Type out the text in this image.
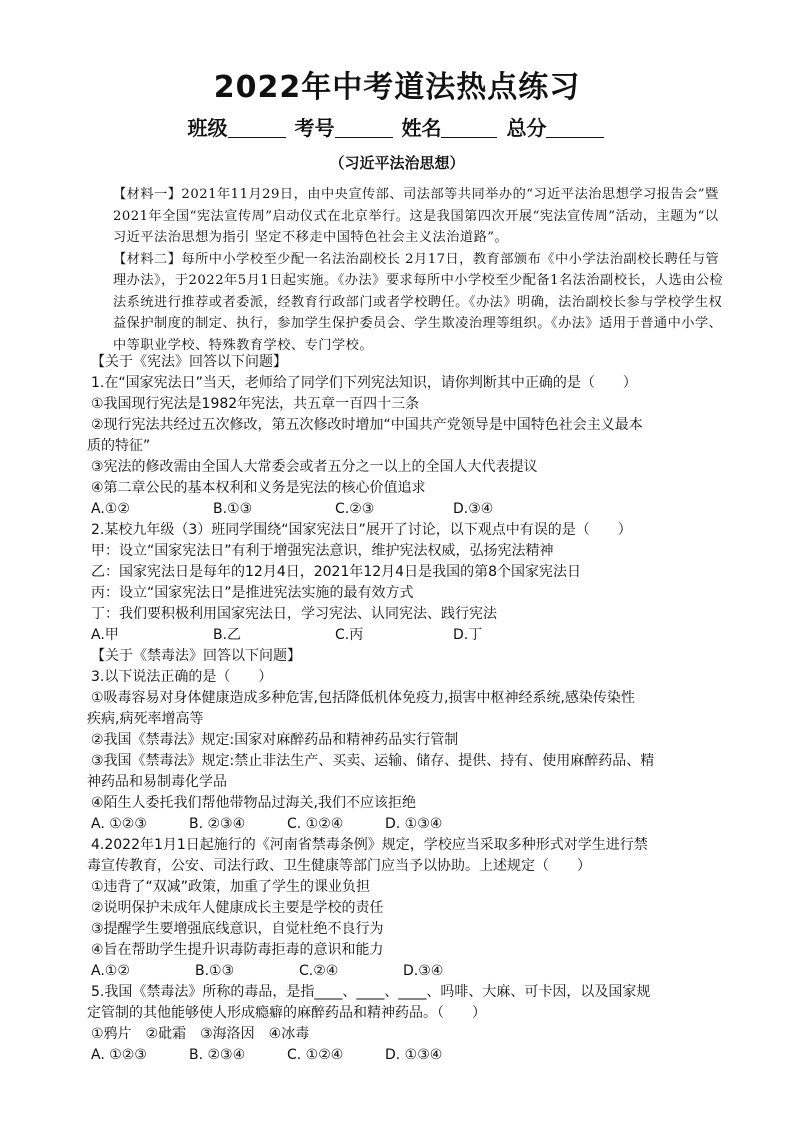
2022年中考道法热点练习
班级	考号	姓名	总分
（习近平法治思想）
【材料一】2021年11月29日，由中央宣传部、司法部等共同举办的“习近平法治思想学习报告会”暨2021年全国“宪法宣传周”启动仪式在北京举行。这是我国第四次开展“宪法宣传周”活动，主题为“以习近平法治思想为指引 坚定不移走中国特色社会主义法治道路”。
【材料二】每所中小学校至少配一名法治副校长 2月17日，教育部颁布《中小学法治副校长聘任与管理办法》，于2022年5月1日起实施。《办法》要求每所中小学校至少配备1名法治副校长，人选由公检法系统进行推荐或者委派，经教育行政部门或者学校聘任。《办法》明确，法治副校长参与学校学生权益保护制度的制定、执行，参加学生保护委员会、学生欺凌治理等组织。《办法》适用于普通中小学、中等职业学校、特殊教育学校、专门学校。
【关于《宪法》回答以下问题】
1.在“国家宪法日”当天，老师给了同学们下列宪法知识，请你判断其中正确的是（　　）
①我国现行宪法是1982年宪法，共五章一百四十三条
②现行宪法共经过五次修改，第五次修改时增加“中国共产党领导是中国特色社会主义最本
质的特征”
③宪法的修改需由全国人大常委会或者五分之一以上的全国人大代表提议
④第二章公民的基本权利和义务是宪法的核心价值追求
A.①②	B.①③	C.②③	D.③④
2.某校九年级（3）班同学围绕“国家宪法日”展开了讨论，以下观点中有误的是（　　）
甲：设立“国家宪法日”有利于增强宪法意识，维护宪法权威，弘扬宪法精神
乙：国家宪法日是每年的12月4日，2021年12月4日是我国的第8个国家宪法日
丙：设立“国家宪法日”是推进宪法实施的最有效方式
丁：我们要积极利用国家宪法日，学习宪法、认同宪法、践行宪法
A.甲	B.乙	C.丙	D.丁
【关于《禁毒法》回答以下问题】
3.以下说法正确的是（　　）
①吸毒容易对身体健康造成多种危害,包括降低机体免疫力,损害中枢神经系统,感染传染性
疾病,病死率增高等
②我国《禁毒法》规定:国家对麻醉药品和精神药品实行管制
③我国《禁毒法》规定:禁止非法生产、买卖、运输、储存、提供、持有、使用麻醉药品、精
神药品和易制毒化学品
④陌生人委托我们帮他带物品过海关,我们不应该拒绝
A. ①②③	B. ②③④	C. ①②④	D. ①③④
4.2022年1月1日起施行的《河南省禁毒条例》规定，学校应当采取多种形式对学生进行禁
毒宣传教育，公安、司法行政、卫生健康等部门应当予以协助。上述规定（　　）
①违背了“双减”政策，加重了学生的课业负担
②说明保护未成年人健康成长主要是学校的责任
③提醒学生要增强底线意识，自觉杜绝不良行为
④旨在帮助学生提升识毒防毒拒毒的意识和能力
A.①②	B.①③	C.②④	D.③④
5.我国《禁毒法》所称的毒品，是指____、____、____、吗啡、大麻、可卡因，以及国家规
定管制的其他能够使人形成瘾癖的麻醉药品和精神药品。（　　）
①鸦片　②砒霜　③海洛因　④冰毒
A. ①②③	B. ②③④	C. ①②④	D. ①③④
